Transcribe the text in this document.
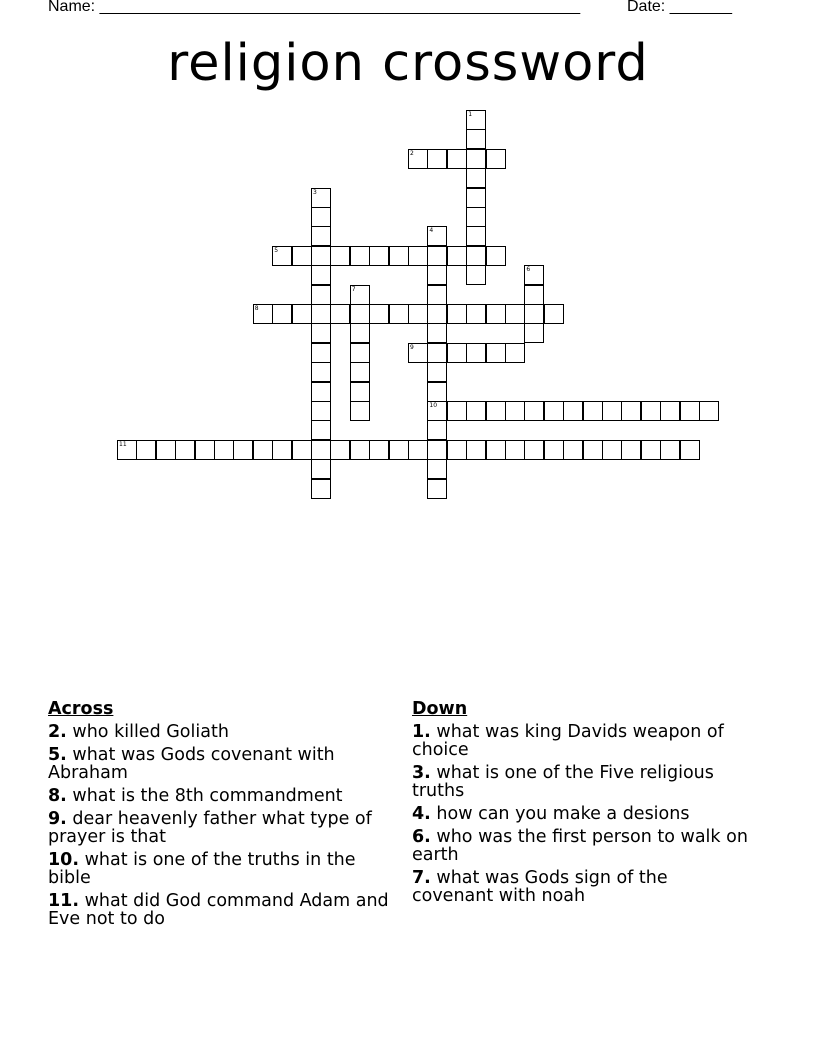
Name: ______________________________________________________	Date: _______
religion crossword
1
2
3
4
10
5
6
7
8
9
11
Across
2. who killed Goliath
5. what was Gods covenant with Abraham
8. what is the 8th commandment
9. dear heavenly father what type of prayer is that
10. what is one of the truths in the bible
11. what did God command Adam and Eve not to do
Down
1. what was king Davids weapon of choice
3. what is one of the Five religious truths
4. how can you make a desions
6. who was the first person to walk on earth
7. what was Gods sign of the covenant with noah
